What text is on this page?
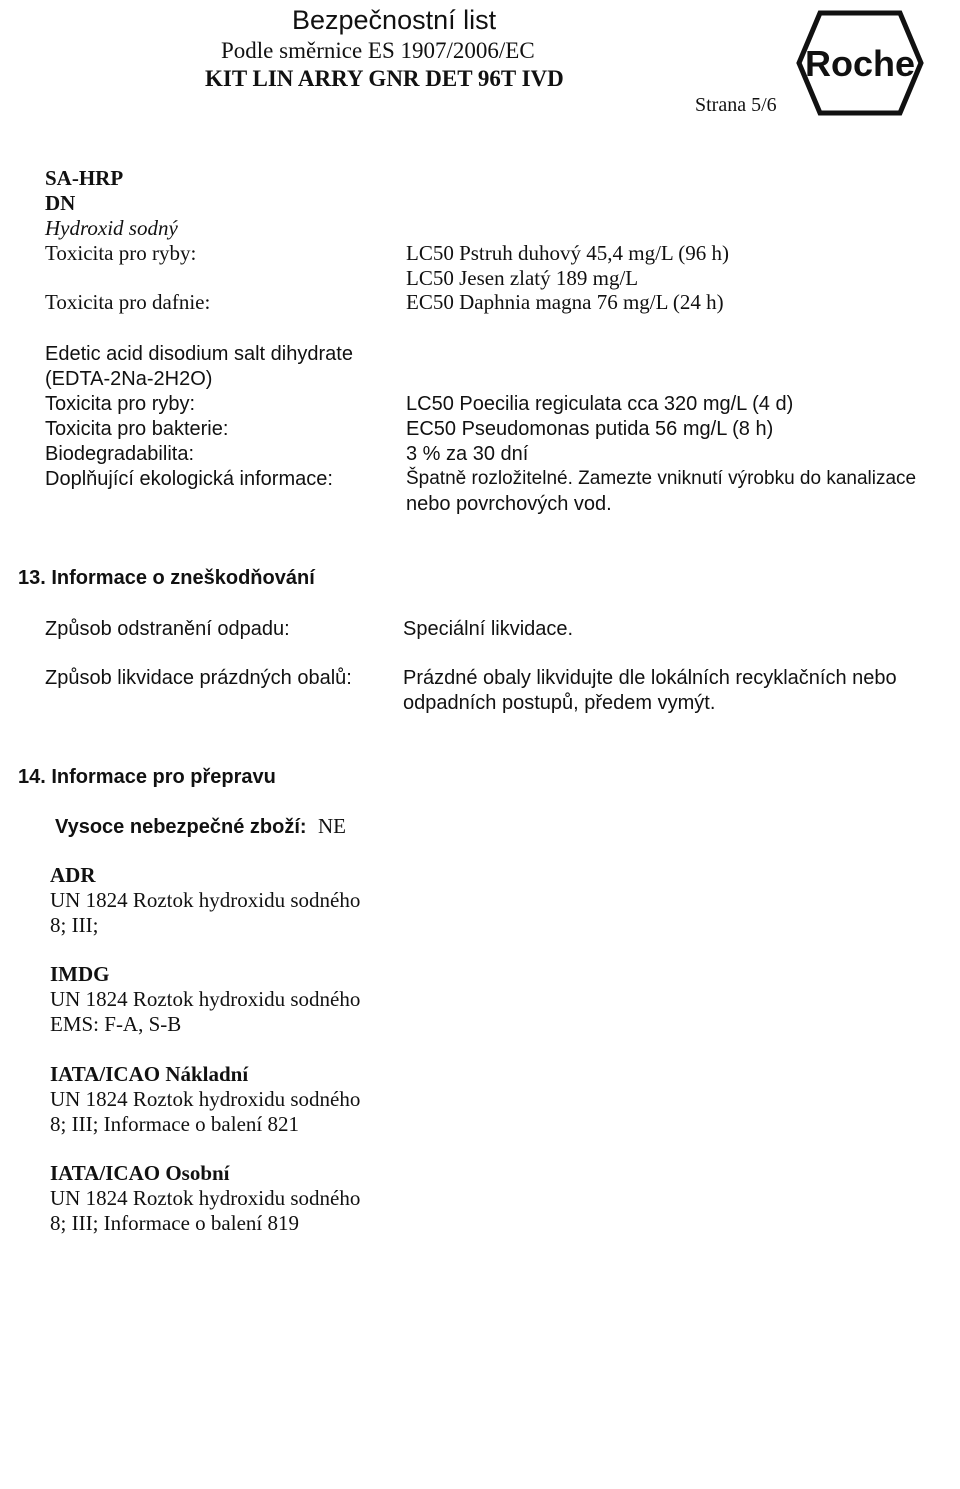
Bezpečnostní list
Podle směrnice ES 1907/2006/EC
KIT LIN ARRY GNR DET 96T IVD
Strana 5/6
Roche
SA-HRP
DN
Hydroxid sodný
Toxicita pro ryby:	LC50 Pstruh duhový 45,4 mg/L (96 h)
LC50 Jesen zlatý 189 mg/L
Toxicita pro dafnie:	EC50 Daphnia magna 76 mg/L (24 h)
Edetic acid disodium salt dihydrate
(EDTA-2Na-2H2O)
Toxicita pro ryby:	LC50 Poecilia regiculata cca 320 mg/L (4 d)
Toxicita pro bakterie:	EC50 Pseudomonas putida 56 mg/L (8 h)
Biodegradabilita:	3 % za 30 dní
Doplňující ekologická informace:	Špatně rozložitelné. Zamezte vniknutí výrobku do kanalizace
nebo povrchových vod.
13. Informace o zneškodňování
Způsob odstranění odpadu:	Speciální likvidace.
Způsob likvidace prázdných obalů:	Prázdné obaly likvidujte dle lokálních recyklačních nebo
odpadních postupů, předem vymýt.
14. Informace pro přepravu
Vysoce nebezpečné zboží: NE
ADR
UN 1824 Roztok hydroxidu sodného
8; III;
IMDG
UN 1824 Roztok hydroxidu sodného
EMS: F-A, S-B
IATA/ICAO Nákladní
UN 1824 Roztok hydroxidu sodného
8; III; Informace o balení 821
IATA/ICAO Osobní
UN 1824 Roztok hydroxidu sodného
8; III; Informace o balení 819
